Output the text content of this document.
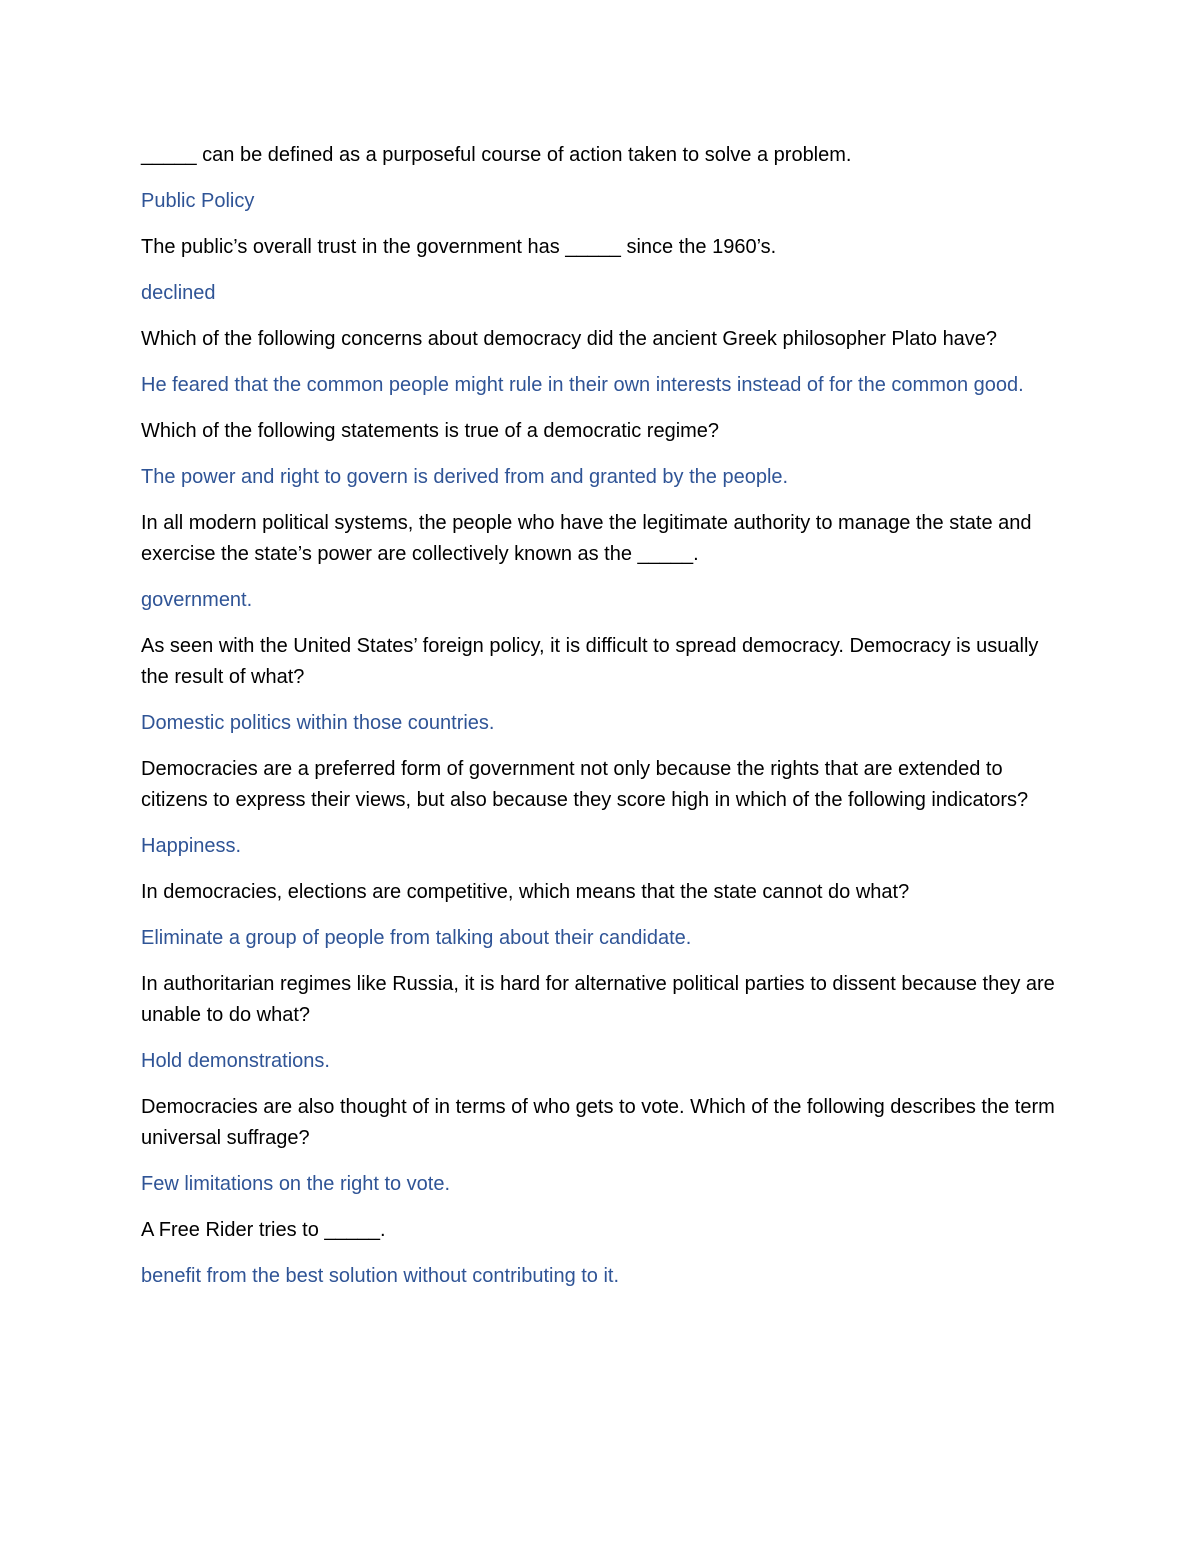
_____ can be defined as a purposeful course of action taken to solve a problem.

Public Policy

The public’s overall trust in the government has _____ since the 1960’s.

declined

Which of the following concerns about democracy did the ancient Greek philosopher Plato have?

He feared that the common people might rule in their own interests instead of for the common good.

Which of the following statements is true of a democratic regime?

The power and right to govern is derived from and granted by the people.

In all modern political systems, the people who have the legitimate authority to manage the state and exercise the state’s power are collectively known as the _____.

government.

As seen with the United States’ foreign policy, it is difficult to spread democracy. Democracy is usually the result of what?

Domestic politics within those countries.

Democracies are a preferred form of government not only because the rights that are extended to citizens to express their views, but also because they score high in which of the following indicators?

Happiness.

In democracies, elections are competitive, which means that the state cannot do what?

Eliminate a group of people from talking about their candidate.

In authoritarian regimes like Russia, it is hard for alternative political parties to dissent because they are unable to do what?

Hold demonstrations.

Democracies are also thought of in terms of who gets to vote. Which of the following describes the term universal suffrage?

Few limitations on the right to vote.

A Free Rider tries to _____.

benefit from the best solution without contributing to it.
